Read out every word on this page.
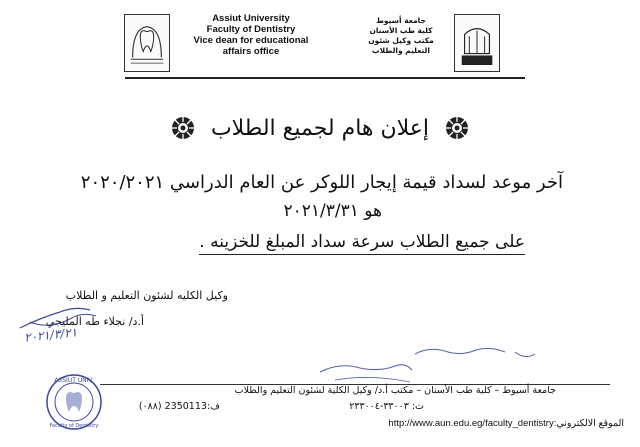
Assiut University
Faculty of Dentistry
Vice dean for educational
affairs office
جامعة أسيوط
كلية طب الأسنان
مكتب وكيل شئون
التعليم والطلاب
إعلان هام لجميع الطلاب
آخر موعد لسداد قيمة إيجار اللوكر عن العام الدراسي ٢٠٢٠/٢٠٢١
هو ٢٠٢١/٣/٣١
على جميع الطلاب سرعة سداد المبلغ للخزينه .
وكيل الكليه لشئون التعليم و الطلاب
أ.د/ نجلاء طه المليجي
٢٠٢١/٣/٢١
جامعة أسيوط – كلية طب الأسنان – مكتب أ.د/ وكيل الكلية لشئون التعليم والطلاب
ت: ٣٣٠٠٣-٢٣٣٠٠٤
ف:2350113 (٠٨٨)
http://www.aun.edu.eg/faculty_dentistry:الموقع الالكتروني
ASSIUT UNIV.
Faculty of Dentistry
